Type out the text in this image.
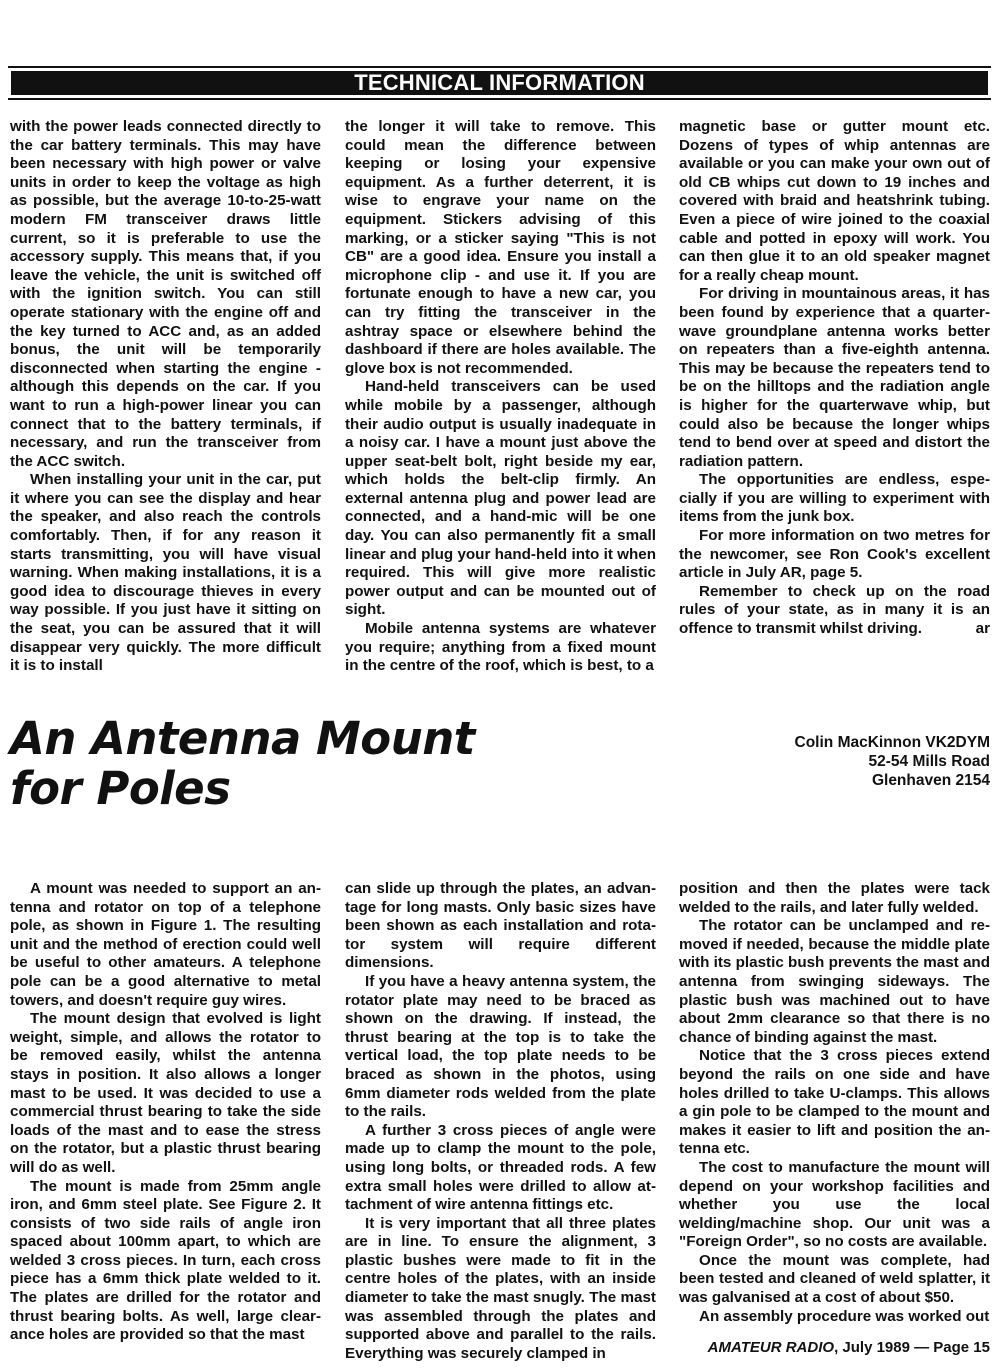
TECHNICAL INFORMATION

with the power leads connected directly to the car battery terminals. This may have been necessary with high power or valve units in order to keep the voltage as high as possible, but the average 10-to-25-watt modern FM transceiver draws little current, so it is preferable to use the accessory supply. This means that, if you leave the vehicle, the unit is switched off with the ignition switch. You can still operate stationary with the engine off and the key turned to ACC and, as an added bonus, the unit will be temporarily disconnected when starting the engine - although this depends on the car. If you want to run a high-power linear you can connect that to the battery terminals, if necessary, and run the transceiver from the ACC switch.

When installing your unit in the car, put it where you can see the display and hear the speaker, and also reach the controls comfortably. Then, if for any reason it starts transmitting, you will have visual warning. When making installations, it is a good idea to discourage thieves in every way possible. If you just have it sitting on the seat, you can be assured that it will disappear very quickly. The more difficult it is to install

the longer it will take to remove. This could mean the difference between keeping or losing your expensive equipment. As a further deterrent, it is wise to engrave your name on the equipment. Stickers advising of this marking, or a sticker saying "This is not CB" are a good idea. Ensure you install a microphone clip - and use it. If you are fortunate enough to have a new car, you can try fitting the transceiver in the ashtray space or elsewhere behind the dashboard if there are holes available. The glove box is not recommended.

Hand-held transceivers can be used while mobile by a passenger, although their audio output is usually inadequate in a noisy car. I have a mount just above the upper seat-belt bolt, right beside my ear, which holds the belt-clip firmly. An external antenna plug and power lead are connected, and a hand-mic will be one day. You can also permanently fit a small linear and plug your hand-held into it when required. This will give more realistic power output and can be mounted out of sight.

Mobile antenna systems are whatever you require; anything from a fixed mount in the centre of the roof, which is best, to a

magnetic base or gutter mount etc. Dozens of types of whip antennas are available or you can make your own out of old CB whips cut down to 19 inches and covered with braid and heatshrink tubing. Even a piece of wire joined to the coaxial cable and potted in epoxy will work. You can then glue it to an old speaker magnet for a really cheap mount.

For driving in mountainous areas, it has been found by experience that a quarter-wave groundplane antenna works better on repeaters than a five-eighth antenna. This may be because the repeaters tend to be on the hilltops and the radiation angle is higher for the quarterwave whip, but could also be because the longer whips tend to bend over at speed and distort the radiation pattern.

The opportunities are endless, especially if you are willing to experiment with items from the junk box.

For more information on two metres for the newcomer, see Ron Cook's excellent article in July AR, page 5.

Remember to check up on the road rules of your state, as in many it is an offence to transmit whilst driving.	ar

An Antenna Mount
for Poles
Colin MacKinnon VK2DYM
52-54 Mills Road
Glenhaven 2154

A mount was needed to support an antenna and rotator on top of a telephone pole, as shown in Figure 1. The resulting unit and the method of erection could well be useful to other amateurs. A telephone pole can be a good alternative to metal towers, and doesn't require guy wires.

The mount design that evolved is light weight, simple, and allows the rotator to be removed easily, whilst the antenna stays in position. It also allows a longer mast to be used. It was decided to use a commercial thrust bearing to take the side loads of the mast and to ease the stress on the rotator, but a plastic thrust bearing will do as well.

The mount is made from 25mm angle iron, and 6mm steel plate. See Figure 2. It consists of two side rails of angle iron spaced about 100mm apart, to which are welded 3 cross pieces. In turn, each cross piece has a 6mm thick plate welded to it. The plates are drilled for the rotator and thrust bearing bolts. As well, large clearance holes are provided so that the mast

can slide up through the plates, an advantage for long masts. Only basic sizes have been shown as each installation and rotator system will require different dimensions.

If you have a heavy antenna system, the rotator plate may need to be braced as shown on the drawing. If instead, the thrust bearing at the top is to take the vertical load, the top plate needs to be braced as shown in the photos, using 6mm diameter rods welded from the plate to the rails.

A further 3 cross pieces of angle were made up to clamp the mount to the pole, using long bolts, or threaded rods. A few extra small holes were drilled to allow attachment of wire antenna fittings etc.

It is very important that all three plates are in line. To ensure the alignment, 3 plastic bushes were made to fit in the centre holes of the plates, with an inside diameter to take the mast snugly. The mast was assembled through the plates and supported above and parallel to the rails. Everything was securely clamped in

position and then the plates were tack welded to the rails, and later fully welded.

The rotator can be unclamped and removed if needed, because the middle plate with its plastic bush prevents the mast and antenna from swinging sideways. The plastic bush was machined out to have about 2mm clearance so that there is no chance of binding against the mast.

Notice that the 3 cross pieces extend beyond the rails on one side and have holes drilled to take U-clamps. This allows a gin pole to be clamped to the mount and makes it easier to lift and position the antenna etc.

The cost to manufacture the mount will depend on your workshop facilities and whether you use the local welding/machine shop. Our unit was a "Foreign Order", so no costs are available.

Once the mount was complete, had been tested and cleaned of weld splatter, it was galvanised at a cost of about $50.

An assembly procedure was worked out

AMATEUR RADIO, July 1989 — Page 15
